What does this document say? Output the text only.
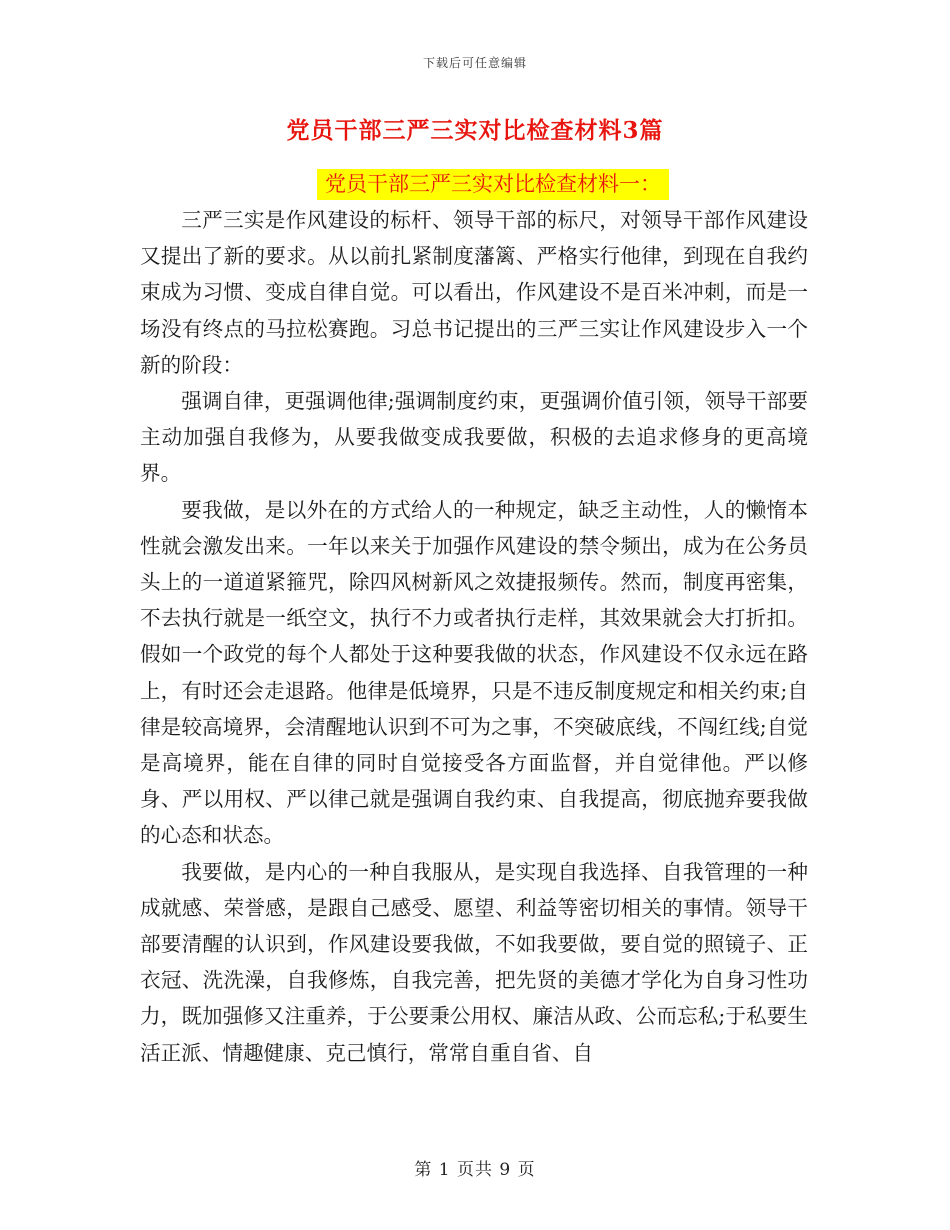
下载后可任意编辑
党员干部三严三实对比检查材料3篇
党员干部三严三实对比检查材料一：

三严三实是作风建设的标杆、领导干部的标尺，对领导干部作风建设又提出了新的要求。从以前扎紧制度藩篱、严格实行他律，到现在自我约束成为习惯、变成自律自觉。可以看出，作风建设不是百米冲刺，而是一场没有终点的马拉松赛跑。习总书记提出的三严三实让作风建设步入一个新的阶段：

强调自律，更强调他律;强调制度约束，更强调价值引领，领导干部要主动加强自我修为，从要我做变成我要做，积极的去追求修身的更高境界。

要我做，是以外在的方式给人的一种规定，缺乏主动性，人的懒惰本性就会激发出来。一年以来关于加强作风建设的禁令频出，成为在公务员头上的一道道紧箍咒，除四风树新风之效捷报频传。然而，制度再密集，不去执行就是一纸空文，执行不力或者执行走样，其效果就会大打折扣。假如一个政党的每个人都处于这种要我做的状态，作风建设不仅永远在路上，有时还会走退路。他律是低境界，只是不违反制度规定和相关约束;自律是较高境界，会清醒地认识到不可为之事，不突破底线，不闯红线;自觉是高境界，能在自律的同时自觉接受各方面监督，并自觉律他。严以修身、严以用权、严以律己就是强调自我约束、自我提高，彻底抛弃要我做的心态和状态。

我要做，是内心的一种自我服从，是实现自我选择、自我管理的一种成就感、荣誉感，是跟自己感受、愿望、利益等密切相关的事情。领导干部要清醒的认识到，作风建设要我做，不如我要做，要自觉的照镜子、正衣冠、洗洗澡，自我修炼，自我完善，把先贤的美德才学化为自身习性功力，既加强修又注重养，于公要秉公用权、廉洁从政、公而忘私;于私要生活正派、情趣健康、克己慎行，常常自重自省、自

第 1 页共 9 页
